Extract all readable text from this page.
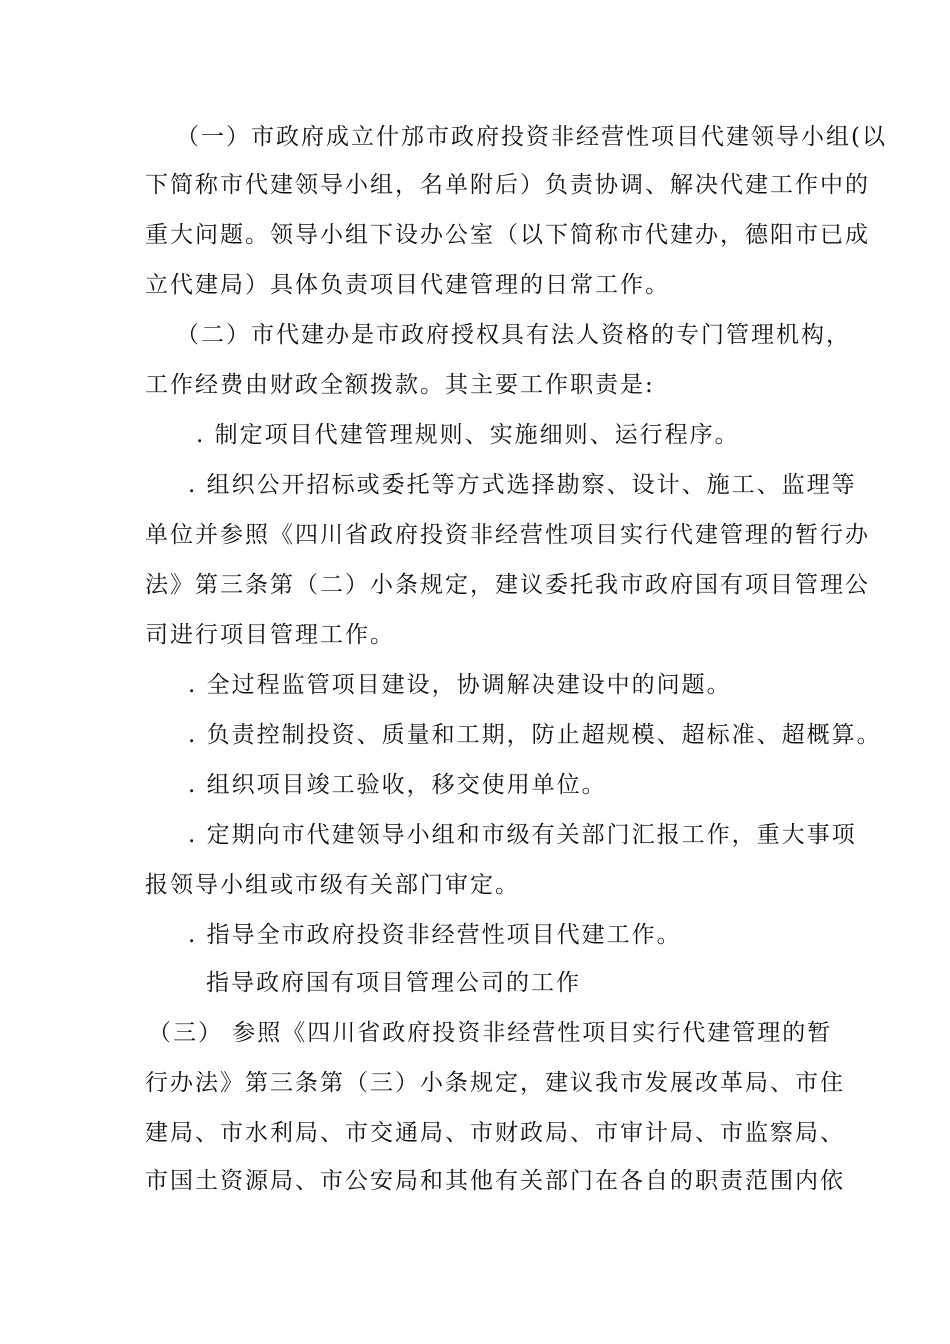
（一）市政府成立什邡市政府投资非经营性项目代建领导小组(以
下简称市代建领导小组，名单附后）负责协调、解决代建工作中的
重大问题。领导小组下设办公室（以下简称市代建办，德阳市已成
立代建局）具体负责项目代建管理的日常工作。
（二）市代建办是市政府授权具有法人资格的专门管理机构，
工作经费由财政全额拨款。其主要工作职责是:
. 制定项目代建管理规则、实施细则、运行程序。
. 组织公开招标或委托等方式选择勘察、设计、施工、监理等
单位并参照《四川省政府投资非经营性项目实行代建管理的暂行办
法》第三条第（二）小条规定，建议委托我市政府国有项目管理公
司进行项目管理工作。
. 全过程监管项目建设，协调解决建设中的问题。
. 负责控制投资、质量和工期，防止超规模、超标准、超概算。
. 组织项目竣工验收，移交使用单位。
. 定期向市代建领导小组和市级有关部门汇报工作，重大事项
报领导小组或市级有关部门审定。
. 指导全市政府投资非经营性项目代建工作。
指导政府国有项目管理公司的工作
（三） 参照《四川省政府投资非经营性项目实行代建管理的暂
行办法》第三条第（三）小条规定，建议我市发展改革局、市住
建局、市水利局、市交通局、市财政局、市审计局、市监察局、
市国土资源局、市公安局和其他有关部门在各自的职责范围内依
